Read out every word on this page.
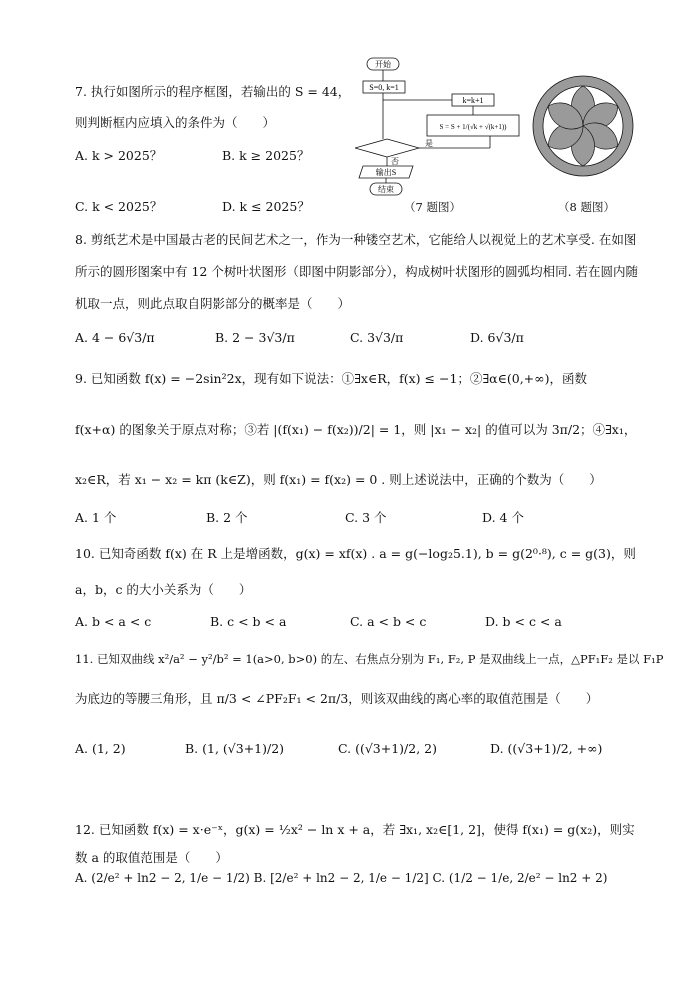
7. 执行如图所示的程序框图，若输出的 S = 44，
则判断框内应填入的条件为（　　）
A. k > 2025？	B. k ≥ 2025？
C. k < 2025？	D. k ≤ 2025？	（7 题图）	（8 题图）
开始
S=0, k=1
k=k+1
S = S + 1/(√k + √(k+1))
是
否
输出S
结束
8. 剪纸艺术是中国最古老的民间艺术之一，作为一种镂空艺术，它能给人以视觉上的艺术享受. 在如图
所示的圆形图案中有 12 个树叶状图形（即图中阴影部分），构成树叶状图形的圆弧均相同. 若在圆内随
机取一点，则此点取自阴影部分的概率是（　　）
A. 4 − 6√3/π	B. 2 − 3√3/π	C. 3√3/π	D. 6√3/π
9. 已知函数 f(x) = −2sin²2x，现有如下说法：①∃x∈R，f(x) ≤ −1；②∃α∈(0,+∞)，函数
f(x+α) 的图象关于原点对称；③若 |(f(x₁) − f(x₂))/2| = 1，则 |x₁ − x₂| 的值可以为 3π/2；④∃x₁，
x₂∈R，若 x₁ − x₂ = kπ (k∈Z)，则 f(x₁) = f(x₂) = 0 . 则上述说法中，正确的个数为（　　）
A. 1 个	B. 2 个	C. 3 个	D. 4 个
10. 已知奇函数 f(x) 在 R 上是增函数，g(x) = xf(x) . a = g(−log₂5.1), b = g(2⁰·⁸), c = g(3)，则
a，b，c 的大小关系为（　　）
A. b < a < c	B. c < b < a	C. a < b < c	D. b < c < a
11. 已知双曲线 x²/a² − y²/b² = 1(a>0, b>0) 的左、右焦点分别为 F₁, F₂, P 是双曲线上一点，△PF₁F₂ 是以 F₁P
为底边的等腰三角形，且 π/3 < ∠PF₂F₁ < 2π/3，则该双曲线的离心率的取值范围是（　　）
A. (1, 2)	B. (1, (√3+1)/2)	C. ((√3+1)/2, 2)	D. ((√3+1)/2, +∞)
12. 已知函数 f(x) = x·e⁻ˣ，g(x) = ½x² − ln x + a，若 ∃x₁, x₂∈[1, 2]，使得 f(x₁) = g(x₂)，则实
数 a 的取值范围是（　　）
A. (2/e² + ln2 − 2, 1/e − 1/2) B. [2/e² + ln2 − 2, 1/e − 1/2] C. (1/2 − 1/e, 2/e² − ln2 + 2)
